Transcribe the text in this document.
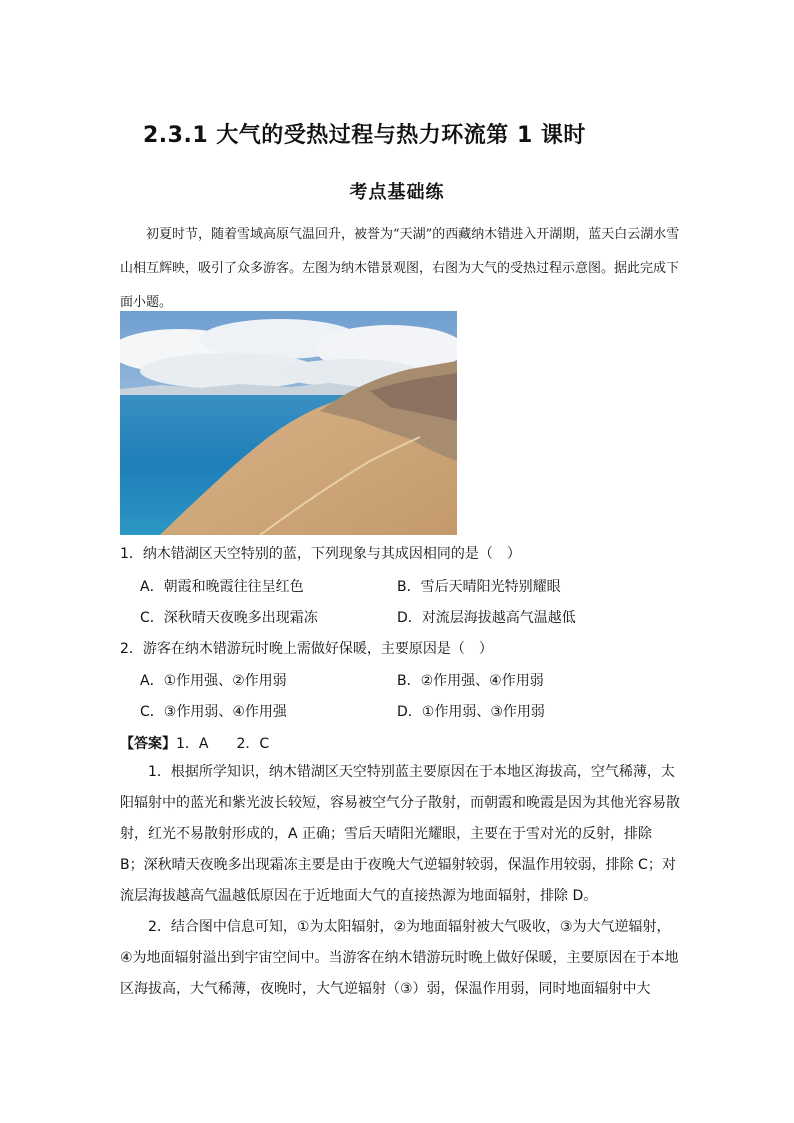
2.3.1 大气的受热过程与热力环流第 1 课时
考点基础练
初夏时节，随着雪域高原气温回升，被誉为“天湖”的西藏纳木错进入开湖期，蓝天白云湖水雪山相互辉映，吸引了众多游客。左图为纳木错景观图，右图为大气的受热过程示意图。据此完成下面小题。
1．纳木错湖区天空特别的蓝，下列现象与其成因相同的是（　）
A．朝霞和晚霞往往呈红色	B．雪后天晴阳光特别耀眼
C．深秋晴天夜晚多出现霜冻	D．对流层海拔越高气温越低
2．游客在纳木错游玩时晚上需做好保暖，主要原因是（　）
A．①作用强、②作用弱	B．②作用强、④作用弱
C．③作用弱、④作用强	D．①作用弱、③作用弱
【答案】1．A　　2．C
1．根据所学知识，纳木错湖区天空特别蓝主要原因在于本地区海拔高，空气稀薄，太阳辐射中的蓝光和紫光波长较短，容易被空气分子散射，而朝霞和晚霞是因为其他光容易散射，红光不易散射形成的，A 正确；雪后天晴阳光耀眼，主要在于雪对光的反射，排除 B；深秋晴天夜晚多出现霜冻主要是由于夜晚大气逆辐射较弱，保温作用较弱，排除 C；对流层海拔越高气温越低原因在于近地面大气的直接热源为地面辐射，排除 D。
2．结合图中信息可知，①为太阳辐射，②为地面辐射被大气吸收，③为大气逆辐射，④为地面辐射溢出到宇宙空间中。当游客在纳木错游玩时晚上做好保暖，主要原因在于本地区海拔高，大气稀薄，夜晚时，大气逆辐射（③）弱，保温作用弱，同时地面辐射中大
